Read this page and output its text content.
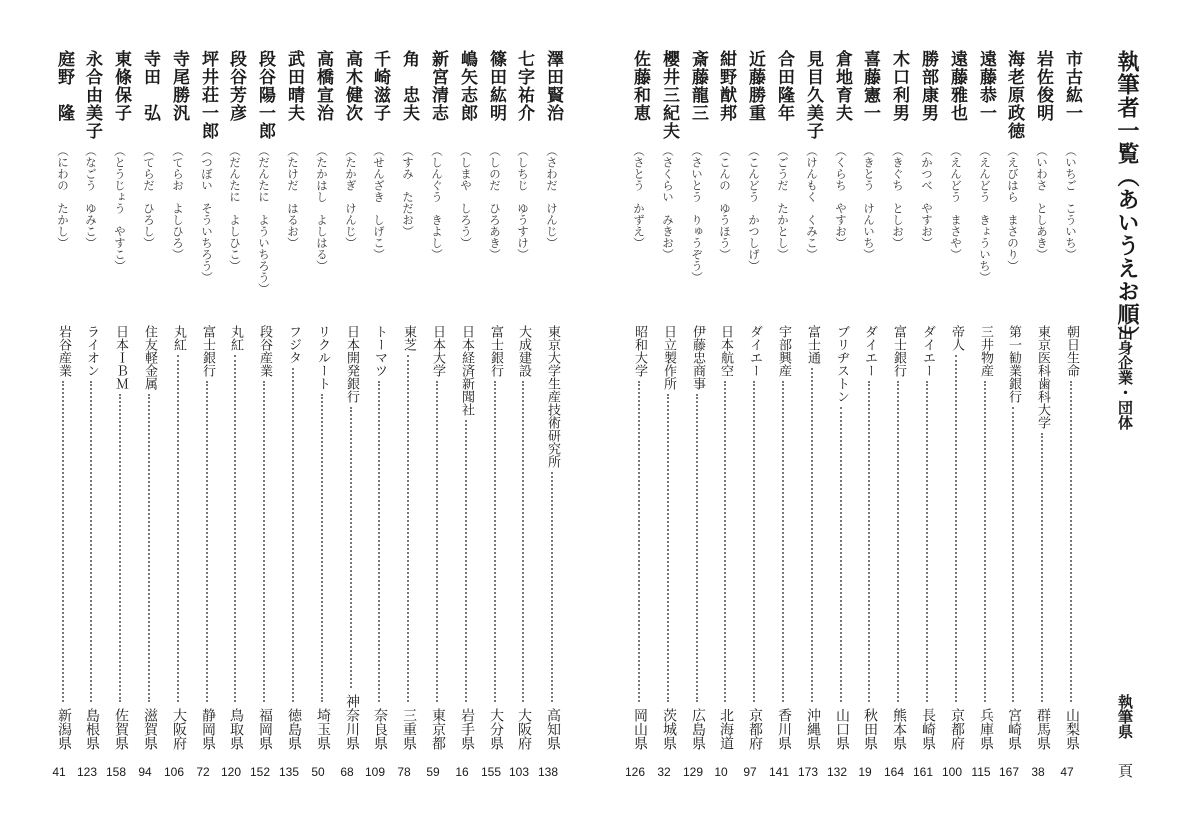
執筆者一覧（あいうえお順）
出身企業・団体
執筆県
頁
市古紘一
（いちご　こういち）
朝日生命
山梨県
47
岩佐俊明
（いわさ　としあき）
東京医科歯科大学
群馬県
38
海老原政徳
（えびはら　まさのり）
第一勧業銀行
宮崎県
167
遠藤恭一
（えんどう　きょういち）
三井物産
兵庫県
115
遠藤雅也
（えんどう　まさや）
帝人
京都府
100
勝部康男
（かつべ　やすお）
ダイエー
長崎県
161
木口利男
（きぐち　としお）
富士銀行
熊本県
164
喜藤憲一
（きとう　けんいち）
ダイエー
秋田県
19
倉地育夫
（くらち　やすお）
ブリヂストン
山口県
132
見目久美子
（けんもく　くみこ）
富士通
沖縄県
173
合田隆年
（ごうだ　たかとし）
宇部興産
香川県
141
近藤勝重
（こんどう　かつしげ）
ダイエー
京都府
97
紺野猷邦
（こんの　ゆうほう）
日本航空
北海道
10
斎藤龍三
（さいとう　りゅうぞう）
伊藤忠商事
広島県
129
櫻井三紀夫
（さくらい　みきお）
日立製作所
茨城県
32
佐藤和恵
（さとう　かずえ）
昭和大学
岡山県
126
澤田賢治
（さわだ　けんじ）
東京大学生産技術研究所
高知県
138
七字祐介
（しちじ　ゆうすけ）
大成建設
大阪府
103
篠田紘明
（しのだ　ひろあき）
富士銀行
大分県
155
嶋矢志郎
（しまや　しろう）
日本経済新聞社
岩手県
16
新宮清志
（しんぐう　きよし）
日本大学
東京都
59
角　忠夫
（すみ　ただお）
東芝
三重県
78
千崎滋子
（せんざき　しげこ）
トーマツ
奈良県
109
高木健次
（たかぎ　けんじ）
日本開発銀行
神奈川県
68
高橋宣治
（たかはし　よしはる）
リクルート
埼玉県
50
武田晴夫
（たけだ　はるお）
フジタ
徳島県
135
段谷陽一郎
（だんたに　よういちろう）
段谷産業
福岡県
152
段谷芳彦
（だんたに　よしひこ）
丸紅
鳥取県
120
坪井荘一郎
（つぼい　そういちろう）
富士銀行
静岡県
72
寺尾勝汎
（てらお　よしひろ）
丸紅
大阪府
106
寺田　弘
（てらだ　ひろし）
住友軽金属
滋賀県
94
東條保子
（とうじょう　やすこ）
日本ＩＢＭ
佐賀県
158
永合由美子
（なごう　ゆみこ）
ライオン
島根県
123
庭野　隆
（にわの　たかし）
岩谷産業
新潟県
41
